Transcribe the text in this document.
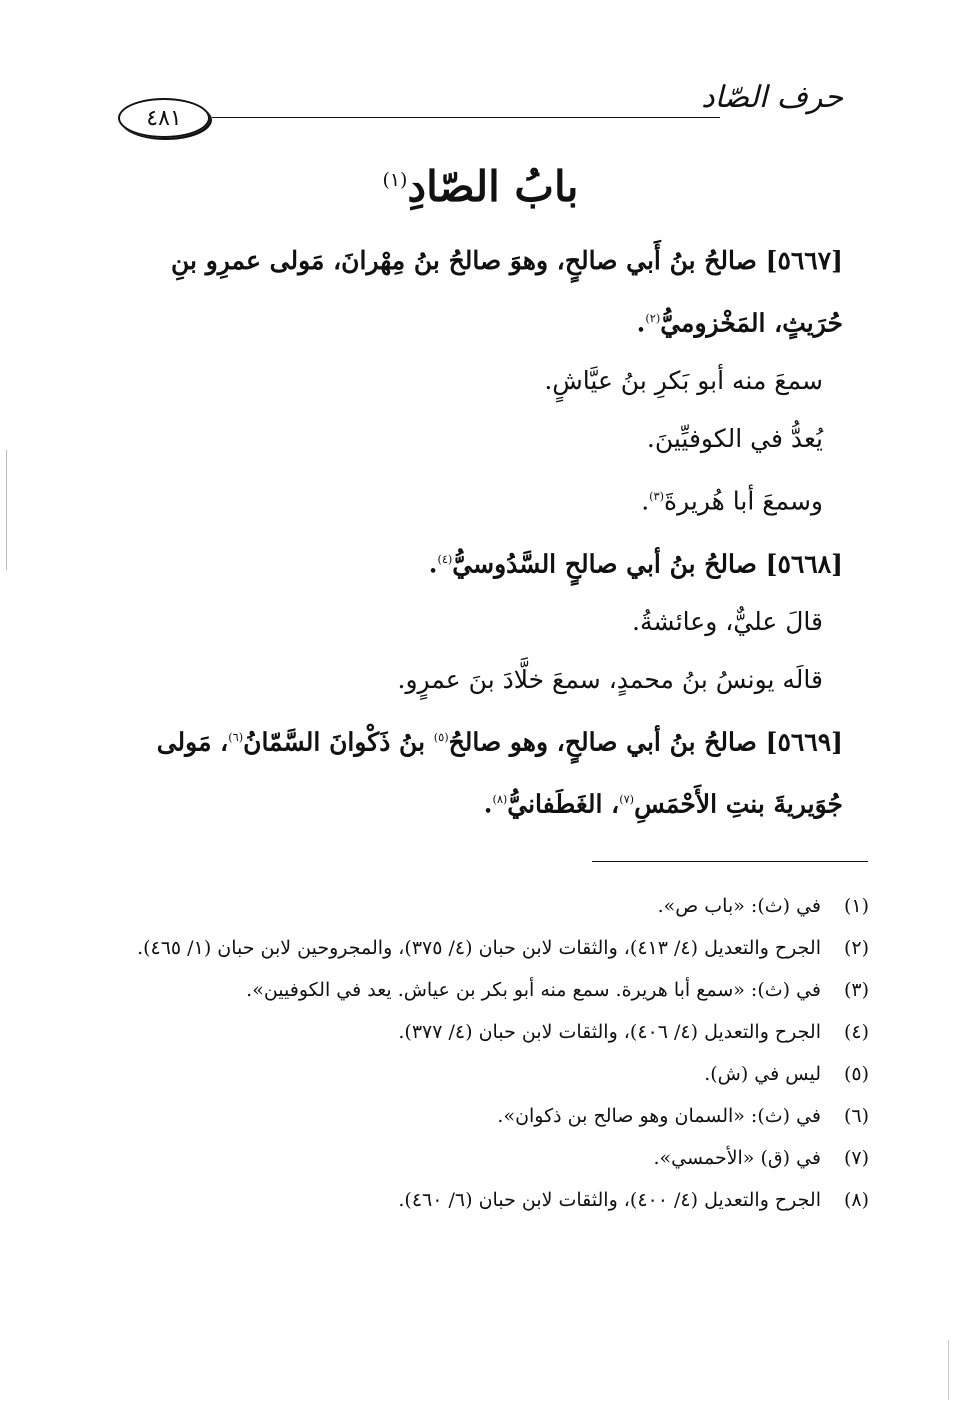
حرف الصّاد
٤٨١
بابُ الصّادِ$^{(١)}$

[٥٦٦٧] صالحُ بنُ أَبي صالحٍ، وهوَ صالحُ بنُ مِهْرانَ، مَولى عمرِو بنِ

حُرَيثٍ، المَخْزوميُّ$^{(٢)}$.

سمعَ منه أبو بَكرِ بنُ عيَّاشٍ.

يُعدُّ في الكوفيِّينَ.

وسمعَ أبا هُريرةَ$^{(٣)}$.

[٥٦٦٨] صالحُ بنُ أبي صالحٍ السَّدُوسيُّ$^{(٤)}$.

قالَ عليٌّ، وعائشةُ.

قالَه يونسُ بنُ محمدٍ، سمعَ خلَّادَ بنَ عمرٍو.

[٥٦٦٩] صالحُ بنُ أبي صالحٍ، وهو صالحُ$^{(٥)}$ بنُ ذَكْوانَ السَّمّانُ$^{(٦)}$، مَولى

جُوَيريةَ بنتِ الأَحْمَسِ$^{(٧)}$، الغَطَفانيُّ$^{(٨)}$.

(١)
في (ث): «باب ص».
(٢)
الجرح والتعديل (٤/ ٤١٣)، والثقات لابن حبان (٤/ ٣٧٥)، والمجروحين لابن حبان (١/ ٤٦٥).
(٣)
في (ث): «سمع أبا هريرة. سمع منه أبو بكر بن عياش. يعد في الكوفيين».
(٤)
الجرح والتعديل (٤/ ٤٠٦)، والثقات لابن حبان (٤/ ٣٧٧).
(٥)
ليس في (ش).
(٦)
في (ث): «السمان وهو صالح بن ذكوان».
(٧)
في (ق) «الأحمسي».
(٨)
الجرح والتعديل (٤/ ٤٠٠)، والثقات لابن حبان (٦/ ٤٦٠).
